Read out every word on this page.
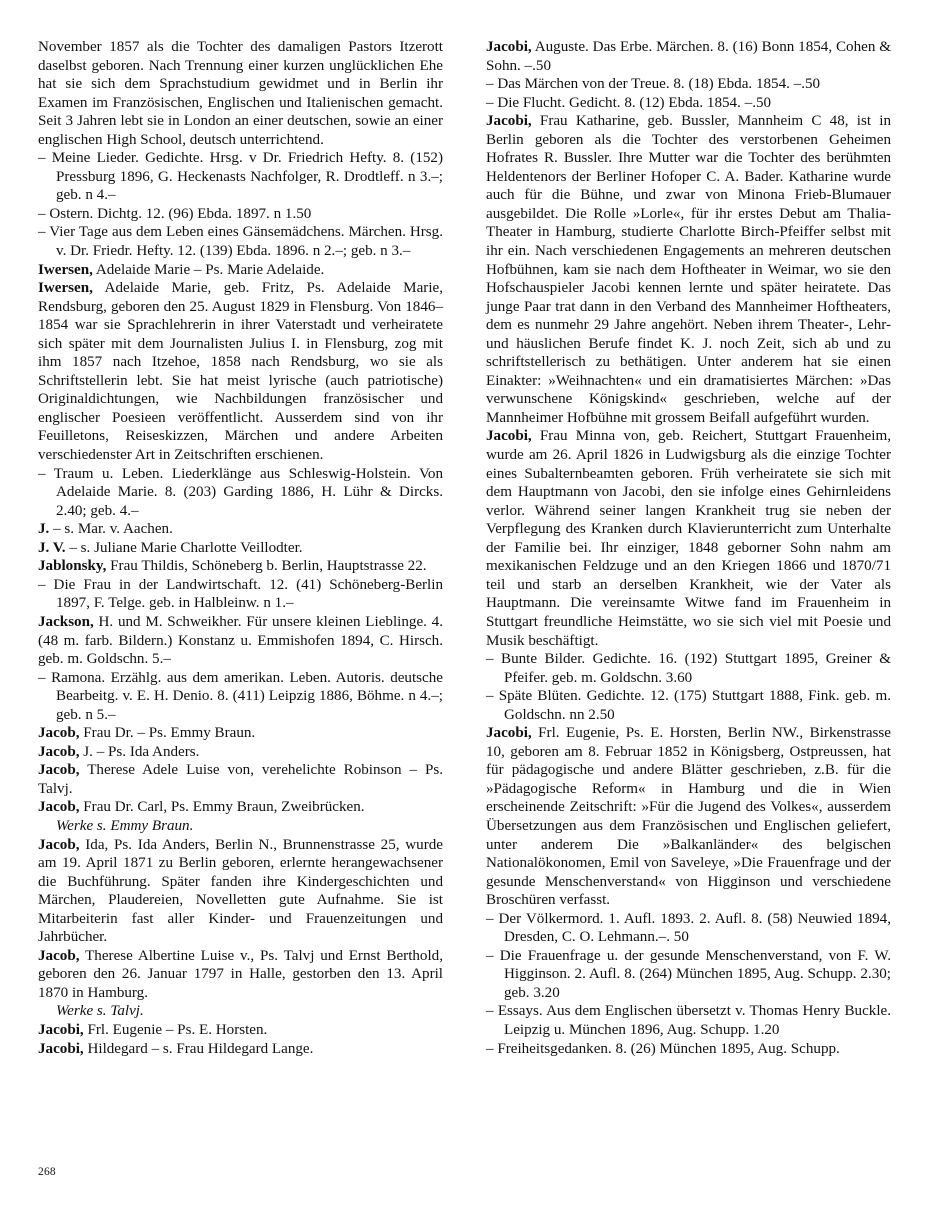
November 1857 als die Tochter des damaligen Pastors Itzerott daselbst geboren. Nach Trennung einer kurzen unglücklichen Ehe hat sie sich dem Sprachstudium gewidmet und in Berlin ihr Examen im Französischen, Englischen und Italienischen gemacht. Seit 3 Jahren lebt sie in London an einer deutschen, sowie an einer englischen High School, deutsch unterrichtend.

– Meine Lieder. Gedichte. Hrsg. v Dr. Friedrich Hefty. 8. (152) Pressburg 1896, G. Heckenasts Nachfolger, R. Drodtleff. n 3.–; geb. n 4.–

– Ostern. Dichtg. 12. (96) Ebda. 1897. n 1.50

– Vier Tage aus dem Leben eines Gänsemädchens. Märchen. Hrsg. v. Dr. Friedr. Hefty. 12. (139) Ebda. 1896. n 2.–; geb. n 3.–

Iwersen, Adelaide Marie – Ps. Marie Adelaide.

Iwersen, Adelaide Marie, geb. Fritz, Ps. Adelaide Marie, Rendsburg, geboren den 25. August 1829 in Flensburg. Von 1846–1854 war sie Sprachlehrerin in ihrer Vaterstadt und verheiratete sich später mit dem Journalisten Julius I. in Flensburg, zog mit ihm 1857 nach Itzehoe, 1858 nach Rendsburg, wo sie als Schriftstellerin lebt. Sie hat meist lyrische (auch patriotische) Originaldichtungen, wie Nachbildungen französischer und englischer Poesieen veröffentlicht. Ausserdem sind von ihr Feuilletons, Reiseskizzen, Märchen und andere Arbeiten verschiedenster Art in Zeitschriften erschienen.

– Traum u. Leben. Liederklänge aus Schleswig-Holstein. Von Adelaide Marie. 8. (203) Garding 1886, H. Lühr & Dircks. 2.40; geb. 4.–

J. – s. Mar. v. Aachen.

J. V. – s. Juliane Marie Charlotte Veillodter.

Jablonsky, Frau Thildis, Schöneberg b. Berlin, Hauptstrasse 22.

– Die Frau in der Landwirtschaft. 12. (41) Schöneberg-Berlin 1897, F. Telge. geb. in Halbleinw. n 1.–

Jackson, H. und M. Schweikher. Für unsere kleinen Lieblinge. 4. (48 m. farb. Bildern.) Konstanz u. Emmishofen 1894, C. Hirsch. geb. m. Goldschn. 5.–

– Ramona. Erzählg. aus dem amerikan. Leben. Autoris. deutsche Bearbeitg. v. E. H. Denio. 8. (411) Leipzig 1886, Böhme. n 4.–; geb. n 5.–

Jacob, Frau Dr. – Ps. Emmy Braun.

Jacob, J. – Ps. Ida Anders.

Jacob, Therese Adele Luise von, verehelichte Robinson – Ps. Talvj.

Jacob, Frau Dr. Carl, Ps. Emmy Braun, Zweibrücken.

Werke s. Emmy Braun.

Jacob, Ida, Ps. Ida Anders, Berlin N., Brunnenstrasse 25, wurde am 19. April 1871 zu Berlin geboren, erlernte herangewachsener die Buchführung. Später fanden ihre Kindergeschichten und Märchen, Plaudereien, Novelletten gute Aufnahme. Sie ist Mitarbeiterin fast aller Kinder- und Frauenzeitungen und Jahrbücher.

Jacob, Therese Albertine Luise v., Ps. Talvj und Ernst Berthold, geboren den 26. Januar 1797 in Halle, gestorben den 13. April 1870 in Hamburg.

Werke s. Talvj.

Jacobi, Frl. Eugenie – Ps. E. Horsten.

Jacobi, Hildegard – s. Frau Hildegard Lange.

Jacobi, Auguste. Das Erbe. Märchen. 8. (16) Bonn 1854, Cohen & Sohn. –.50

– Das Märchen von der Treue. 8. (18) Ebda. 1854. –.50

– Die Flucht. Gedicht. 8. (12) Ebda. 1854. –.50

Jacobi, Frau Katharine, geb. Bussler, Mannheim C 48, ist in Berlin geboren als die Tochter des verstorbenen Geheimen Hofrates R. Bussler. Ihre Mutter war die Tochter des berühmten Heldentenors der Berliner Hofoper C. A. Bader. Katharine wurde auch für die Bühne, und zwar von Minona Frieb-Blumauer ausgebildet. Die Rolle »Lorle«, für ihr erstes Debut am Thalia-Theater in Hamburg, studierte Charlotte Birch-Pfeiffer selbst mit ihr ein. Nach verschiedenen Engagements an mehreren deutschen Hofbühnen, kam sie nach dem Hoftheater in Weimar, wo sie den Hofschauspieler Jacobi kennen lernte und später heiratete. Das junge Paar trat dann in den Verband des Mannheimer Hoftheaters, dem es nunmehr 29 Jahre angehört. Neben ihrem Theater-, Lehr- und häuslichen Berufe findet K. J. noch Zeit, sich ab und zu schriftstellerisch zu bethätigen. Unter anderem hat sie einen Einakter: »Weihnachten« und ein dramatisiertes Märchen: »Das verwunschene Königskind« geschrieben, welche auf der Mannheimer Hofbühne mit grossem Beifall aufgeführt wurden.

Jacobi, Frau Minna von, geb. Reichert, Stuttgart Frauenheim, wurde am 26. April 1826 in Ludwigsburg als die einzige Tochter eines Subalternbeamten geboren. Früh verheiratete sie sich mit dem Hauptmann von Jacobi, den sie infolge eines Gehirnleidens verlor. Während seiner langen Krankheit trug sie neben der Verpflegung des Kranken durch Klavierunterricht zum Unterhalte der Familie bei. Ihr einziger, 1848 geborner Sohn nahm am mexikanischen Feldzuge und an den Kriegen 1866 und 1870/71 teil und starb an derselben Krankheit, wie der Vater als Hauptmann. Die vereinsamte Witwe fand im Frauenheim in Stuttgart freundliche Heimstätte, wo sie sich viel mit Poesie und Musik beschäftigt.

– Bunte Bilder. Gedichte. 16. (192) Stuttgart 1895, Greiner & Pfeifer. geb. m. Goldschn. 3.60

– Späte Blüten. Gedichte. 12. (175) Stuttgart 1888, Fink. geb. m. Goldschn. nn 2.50

Jacobi, Frl. Eugenie, Ps. E. Horsten, Berlin NW., Birkenstrasse 10, geboren am 8. Februar 1852 in Königsberg, Ostpreussen, hat für pädagogische und andere Blätter geschrieben, z.B. für die »Pädagogische Reform« in Hamburg und die in Wien erscheinende Zeitschrift: »Für die Jugend des Volkes«, ausserdem Übersetzungen aus dem Französischen und Englischen geliefert, unter anderem Die »Balkanländer« des belgischen Nationalökonomen, Emil von Saveleye, »Die Frauenfrage und der gesunde Menschenverstand« von Higginson und verschiedene Broschüren verfasst.

– Der Völkermord. 1. Aufl. 1893. 2. Aufl. 8. (58) Neuwied 1894, Dresden, C. O. Lehmann.–. 50

– Die Frauenfrage u. der gesunde Menschenverstand, von F. W. Higginson. 2. Aufl. 8. (264) München 1895, Aug. Schupp. 2.30; geb. 3.20

– Essays. Aus dem Englischen übersetzt v. Thomas Henry Buckle. Leipzig u. München 1896, Aug. Schupp. 1.20

– Freiheitsgedanken. 8. (26) München 1895, Aug. Schupp.

268
